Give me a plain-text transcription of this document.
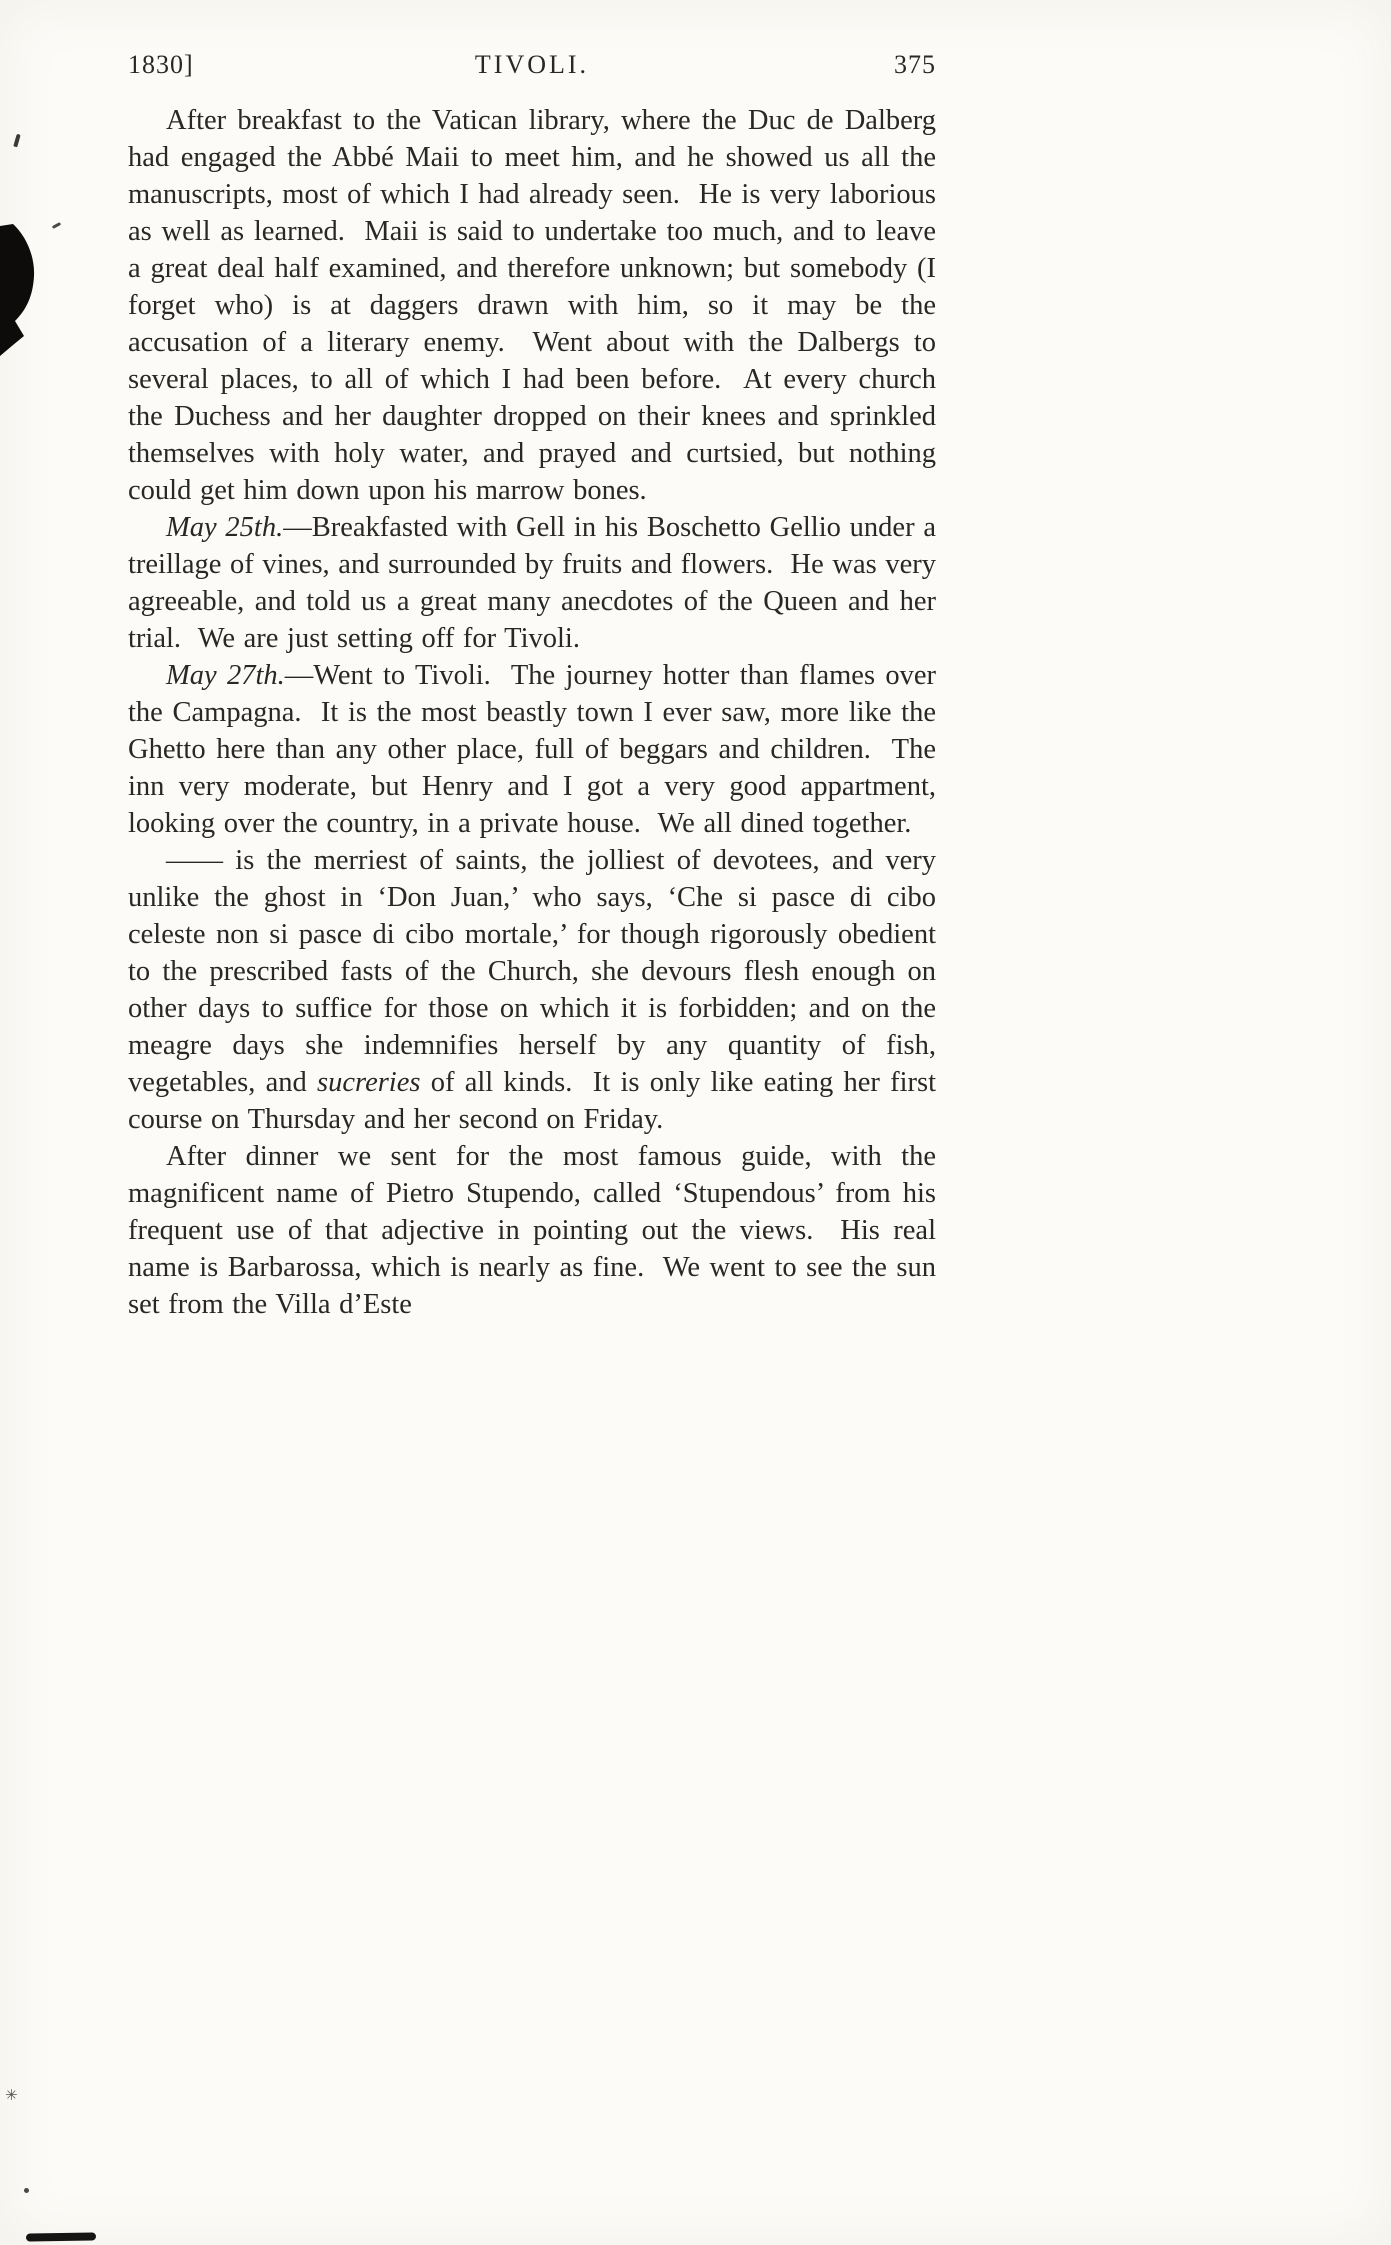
✳
1830]	TIVOLI.	375

After breakfast to the Vatican library, where the Duc de Dalberg had engaged the Abbé Maii to meet him, and he showed us all the manuscripts, most of which I had already seen.  He is very laborious as well as learned.  Maii is said to undertake too much, and to leave a great deal half examined, and therefore unknown; but somebody (I forget who) is at daggers drawn with him, so it may be the accusation of a literary enemy.  Went about with the Dalbergs to several places, to all of which I had been before.  At every church the Duchess and her daughter dropped on their knees and sprinkled themselves with holy water, and prayed and curtsied, but nothing could get him down upon his marrow bones.

May 25th.—Breakfasted with Gell in his Boschetto Gellio under a treillage of vines, and surrounded by fruits and flowers.  He was very agreeable, and told us a great many anecdotes of the Queen and her trial.  We are just setting off for Tivoli.

May 27th.—Went to Tivoli.  The journey hotter than flames over the Campagna.  It is the most beastly town I ever saw, more like the Ghetto here than any other place, full of beggars and children.  The inn very moderate, but Henry and I got a very good appartment, looking over the country, in a private house.  We all dined together.

—— is the merriest of saints, the jolliest of devotees, and very unlike the ghost in ‘Don Juan,’ who says, ‘Che si pasce di cibo celeste non si pasce di cibo mortale,’ for though rigorously obedient to the prescribed fasts of the Church, she devours flesh enough on other days to suffice for those on which it is forbidden; and on the meagre days she indemnifies herself by any quantity of fish, vegetables, and sucreries of all kinds.  It is only like eating her first course on Thursday and her second on Friday.

After dinner we sent for the most famous guide, with the magnificent name of Pietro Stupendo, called ‘Stupendous’ from his frequent use of that adjective in pointing out the views.  His real name is Barbarossa, which is nearly as fine.  We went to see the sun set from the Villa d’Este
